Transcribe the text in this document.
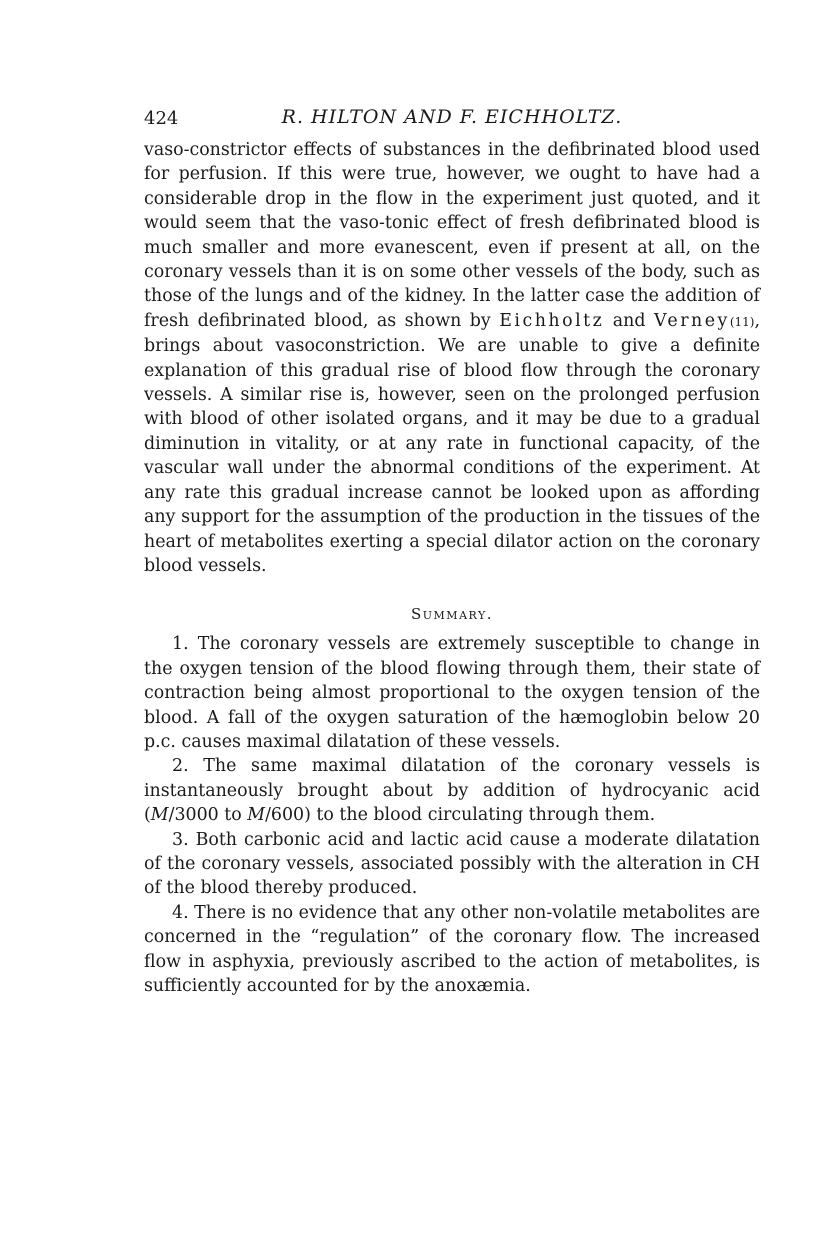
424	R. HILTON AND F. EICHHOLTZ.

vaso-constrictor effects of substances in the defibrinated blood used for perfusion. If this were true, however, we ought to have had a considerable drop in the flow in the experiment just quoted, and it would seem that the vaso-tonic effect of fresh defibrinated blood is much smaller and more evanescent, even if present at all, on the coronary vessels than it is on some other vessels of the body, such as those of the lungs and of the kidney. In the latter case the addition of fresh defibrinated blood, as shown by Eichholtz and Verney(11), brings about vasoconstriction. We are unable to give a definite explanation of this gradual rise of blood flow through the coronary vessels. A similar rise is, however, seen on the prolonged perfusion with blood of other isolated organs, and it may be due to a gradual diminution in vitality, or at any rate in functional capacity, of the vascular wall under the abnormal conditions of the experiment. At any rate this gradual increase cannot be looked upon as affording any support for the assumption of the production in the tissues of the heart of metabolites exerting a special dilator action on the coronary blood vessels.

Summary.

1. The coronary vessels are extremely susceptible to change in the oxygen tension of the blood flowing through them, their state of contraction being almost proportional to the oxygen tension of the blood. A fall of the oxygen saturation of the hæmoglobin below 20 p.c. causes maximal dilatation of these vessels.

2. The same maximal dilatation of the coronary vessels is instantaneously brought about by addition of hydrocyanic acid (M/3000 to M/600) to the blood circulating through them.

3. Both carbonic acid and lactic acid cause a moderate dilatation of the coronary vessels, associated possibly with the alteration in CH of the blood thereby produced.

4. There is no evidence that any other non-volatile metabolites are concerned in the “regulation” of the coronary flow. The increased flow in asphyxia, previously ascribed to the action of metabolites, is sufficiently accounted for by the anoxæmia.
